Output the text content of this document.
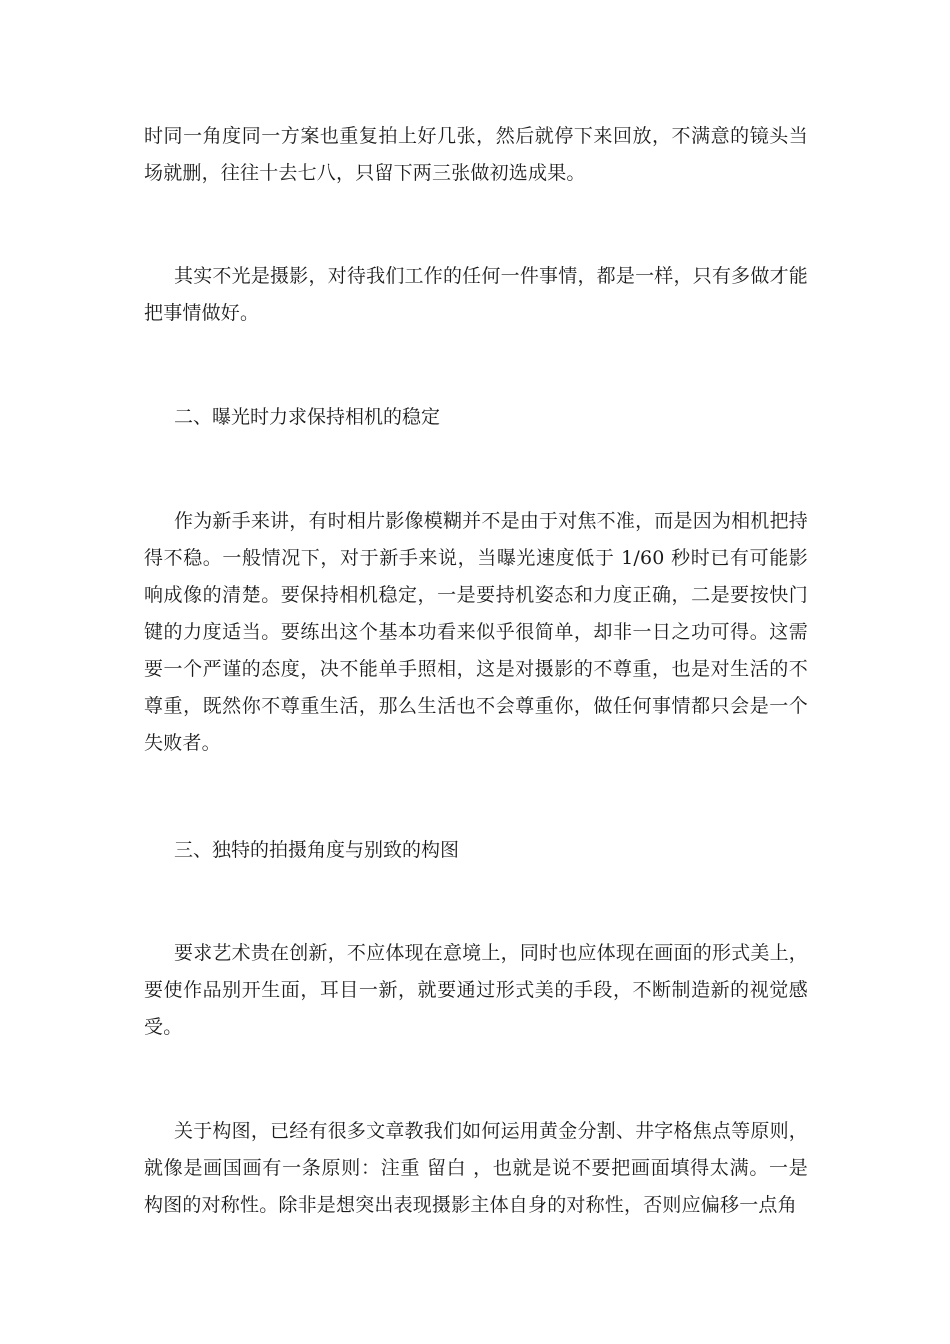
时同一角度同一方案也重复拍上好几张，然后就停下来回放，不满意的镜头当场就删，往往十去七八，只留下两三张做初选成果。

其实不光是摄影，对待我们工作的任何一件事情，都是一样，只有多做才能把事情做好。

二、曝光时力求保持相机的稳定

作为新手来讲，有时相片影像模糊并不是由于对焦不准，而是因为相机把持得不稳。一般情况下，对于新手来说，当曝光速度低于 1/60 秒时已有可能影响成像的清楚。要保持相机稳定，一是要持机姿态和力度正确，二是要按快门键的力度适当。要练出这个基本功看来似乎很简单，却非一日之功可得。这需要一个严谨的态度，决不能单手照相，这是对摄影的不尊重，也是对生活的不尊重，既然你不尊重生活，那么生活也不会尊重你，做任何事情都只会是一个失败者。

三、独特的拍摄角度与别致的构图

要求艺术贵在创新，不应体现在意境上，同时也应体现在画面的形式美上，要使作品别开生面，耳目一新，就要通过形式美的手段，不断制造新的视觉感受。

关于构图，已经有很多文章教我们如何运用黄金分割、井字格焦点等原则，就像是画国画有一条原则：注重 留白 ，也就是说不要把画面填得太满。一是构图的对称性。除非是想突出表现摄影主体自身的对称性，否则应偏移一点角
